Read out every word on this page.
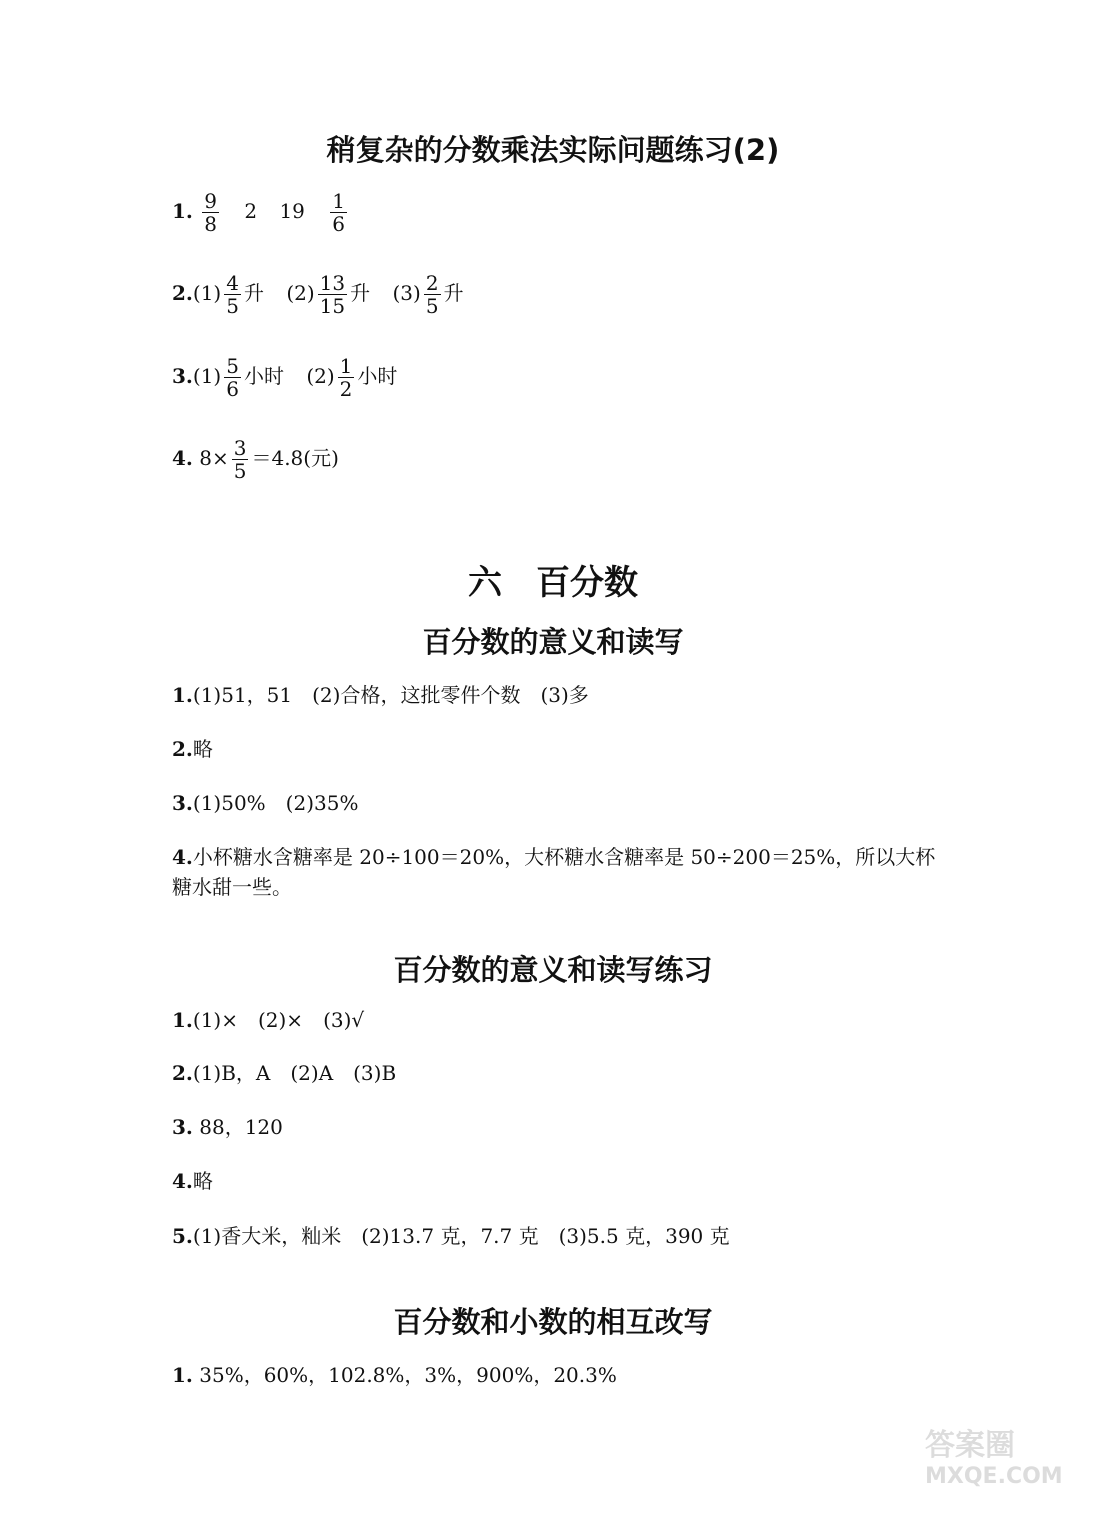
稍复杂的分数乘法实际问题练习(2)
1. $\frac{9}{8} 2$ $19 \frac{1}{6}$
$2.(1) \frac{4}{5}$ 升 $(2) \frac{13}{15}$ 升 $(3) \frac{2}{5}$ 升
$3.(1) \frac{5}{6}$ 小时 $(2) \frac{1}{2}$ 小时
4. $8\times \frac{3}{5} =4.8$(元)
六　百分数
百分数的意义和读写
1.(1)51，51　(2)合格，这批零件个数　(3)多
2.略
3.(1)50%　(2)35%
4.小杯糖水含糖率是 20÷100＝20%，大杯糖水含糖率是 50÷200＝25%，所以大杯
糖水甜一些。
百分数的意义和读写练习
1.(1)×　(2)×　(3)√
2.(1)B，A　(2)A　(3)B
3. 88，120
4.略
5.(1)香大米，籼米　(2)13.7 克，7.7 克　(3)5.5 克，390 克
百分数和小数的相互改写
1. 35%，60%，102.8%，3%，900%，20.3%
答案圈
MXQE.COM
